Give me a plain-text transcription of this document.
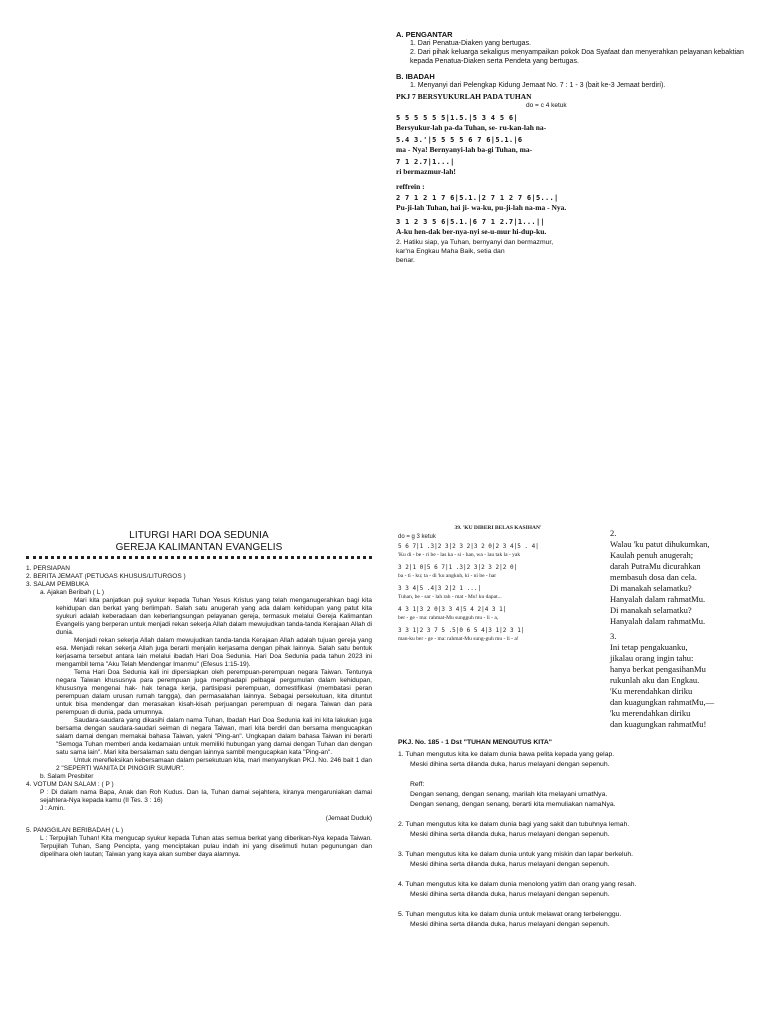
A. PENGANTAR
1. Dari Penatua-Diaken yang bertugas.
2. Dari pihak keluarga sekaligus menyampaikan pokok Doa Syafaat dan menyerahkan pelayanan kebaktian kepada Penatua-Diaken serta Pendeta yang bertugas.
B. IBADAH
1. Menyanyi dari Pelengkap Kidung Jemaat No. 7 : 1 - 3 (bait ke-3 Jemaat berdiri).
PKJ 7 BERSYUKURLAH PADA TUHAN
do = c 4 ketuk
5 5 5 5 5 5|1.5.|5 3 4 5 6|
Bersyukur-lah pa-da Tuhan, se- ru-kan-lah na-
5.4 3.'|5 5 5 5 6 7 6|5.1.|6
ma - Nya! Bernyanyi-lah ba-gi Tuhan, ma-
7 1 2.7|1...|
ri bermazmur-lah!
reffrein :
2 7 1 2 1 7 6|5.1.|2 7 1 2 7 6|5...|
Pu-ji-lah Tuhan, hai ji- wa-ku, pu-ji-lah na-ma - Nya.
3 1 2 3 5 6|5.1.|6 7 1 2.7|1...||
A-ku hen-dak ber-nya-nyi se-u-mur hi-dup-ku.
2. Hatiku siap, ya Tuhan, bernyanyi dan bermazmur,
kar'na Engkau Maha Baik, setia dan
benar.
LITURGI HARI DOA SEDUNIA
GEREJA KALIMANTAN EVANGELIS
1. PERSIAPAN
2. BERITA JEMAAT (PETUGAS KHUSUS/LITURGOS )
3. SALAM PEMBUKA
a. Ajakan Beribah ( L )
Mari kita panjatkan puji syukur kepada Tuhan Yesus Kristus yang telah menganugerahkan bagi kita kehidupan dan berkat yang berlimpah. Salah satu anugerah yang ada dalam kehidupan yang patut kita syukuri adalah keberadaan dan keberlangsungan pelayanan gereja, termasuk melalui Gereja Kalimantan Evangelis yang berperan untuk menjadi rekan sekerja Allah dalam mewujudkan tanda-tanda Kerajaan Allah di dunia.
Menjadi rekan sekerja Allah dalam mewujudkan tanda-tanda Kerajaan Allah adalah tujuan gereja yang esa. Menjadi rekan sekerja Allah juga berarti menjalin kerjasama dengan pihak lainnya. Salah satu bentuk kerjasama tersebut antara lain melalui ibadah Hari Doa Sedunia. Hari Doa Sedunia pada tahun 2023 ini mengambil tema "Aku Telah Mendengar Imanmu" (Efesus 1:15-19).
Tema Hari Doa Sedunia kali ini dipersiapkan oleh perempuan-perempuan negara Taiwan. Tentunya negara Taiwan khususnya para perempuan juga menghadapi pelbagai pergumulan dalam kehidupan, khususnya mengenai hak- hak tenaga kerja, partisipasi perempuan, domestifikasi (membatasi peran perempuan dalam urusan rumah tangga), dan permasalahan lainnya. Sebagai persekutuan, kita dituntut untuk bisa mendengar dan merasakan kisah-kisah perjuangan perempuan di negara Taiwan dan para perempuan di dunia, pada umumnya.
Saudara-saudara yang dikasihi dalam nama Tuhan, Ibadah Hari Doa Sedunia kali ini kita lakukan juga bersama dengan saudara-saudari seiman di negara Taiwan, mari kita berdiri dan bersama mengucapkan salam damai dengan memakai bahasa Taiwan, yakni "Ping-an". Ungkapan dalam bahasa Taiwan ini berarti "Semoga Tuhan memberi anda kedamaian untuk memiliki hubungan yang damai dengan Tuhan dan dengan satu sama lain". Mari kita bersalaman satu dengan lainnya sambil mengucapkan kata "Ping-an".
Untuk merefleksikan kebersamaan dalam persekutuan kita, mari menyanyikan PKJ. No. 246 bait 1 dan 2 "SEPERTI WANITA DI PINGGIR SUMUR".
b. Salam Presbiter
4. VOTUM DAN SALAM : ( P )
P : Di dalam nama Bapa, Anak dan Roh Kudus. Dan Ia, Tuhan damai sejahtera, kiranya mengaruniakan damai sejahtera-Nya kepada kamu (II Tes. 3 : 16)
J : Amin.
(Jemaat Duduk)
5. PANGGILAN BERIBADAH ( L )
L : Terpujilah Tuhan! Kita mengucap syukur kepada Tuhan atas semua berkat yang diberikan-Nya kepada Taiwan. Terpujilah Tuhan, Sang Pencipta, yang menciptakan pulau indah ini yang diselimuti hutan pegunungan dan dipelihara oleh lautan; Taiwan yang kaya akan sumber daya alamnya.
39. 'KU DIBERI BELAS KASIHAN'
do = g 3 ketuk
5 6 7|1 .3|2 3|2 3 2|3 2 0|2 3 4|5 . 4|
'Ku di - be - ri be - las ka - si - han, wa - lau tak la - yak
3 2|1 0|5 6 7|1 .3|2 3|2 3 2|2 0|
ba - ti - ku; ta - di 'ku angkuh, ki - ni be - har
3 3 4|5 .4|3 2|2 1 ...|
Tuhan, be - sar - lah rah - mat - Mu! ku dapat...
4 3 1|3 2 0|3 3 4|5 4 2|4 3 1|
ber - ge - ma: rahmat-Mu sungguh mu - li - a,
3 3 1|2 3 7 5 .5|0 6 5 4|3 1|2 3 1|
man-ku ber - ge - ma: rahmat-Mu sung-guh mu - li - a!
2.
Walau 'ku patut dihukumkan,
Kaulah penuh anugerah;
darah PutraMu dicurahkan
membasuh dosa dan cela.
Di manakah selamatku?
Hanyalah dalam rahmatMu.
Di manakah selamatku?
Hanyalah dalam rahmatMu.
3.
Ini tetap pengakuanku,
jikalau orang ingin tahu:
hanya berkat pengasihanMu
rukunlah aku dan Engkau.
'Ku merendahkan diriku
dan kuagungkan rahmatMu,—
'ku merendahkan diriku
dan kuagungkan rahmatMu!
PKJ. No. 185 - 1 Dst "TUHAN MENGUTUS KITA"
1. Tuhan mengutus kita ke dalam dunia bawa pelita kepada yang gelap.
Meski dihina serta dilanda duka, harus melayani dengan sepenuh.
Reff:
Dengan senang, dengan senang, marilah kita melayani umatNya.
Dengan senang, dengan senang, berarti kita memuliakan namaNya.
2. Tuhan mengutus kita ke dalam dunia bagi yang sakit dan tubuhnya lemah.
Meski dihina serta dilanda duka, harus melayani dengan sepenuh.
3. Tuhan mengutus kita ke dalam dunia untuk yang miskin dan lapar berkeluh.
Meski dihina serta dilanda duka, harus melayani dengan sepenuh.
4. Tuhan mengutus kita ke dalam dunia menolong yatim dan orang yang resah.
Meski dihina serta dilanda duka, harus melayani dengan sepenuh.
5. Tuhan mengutus kita ke dalam dunia untuk melawat orang terbelenggu.
Meski dihina serta dilanda duka, harus melayani dengan sepenuh.
